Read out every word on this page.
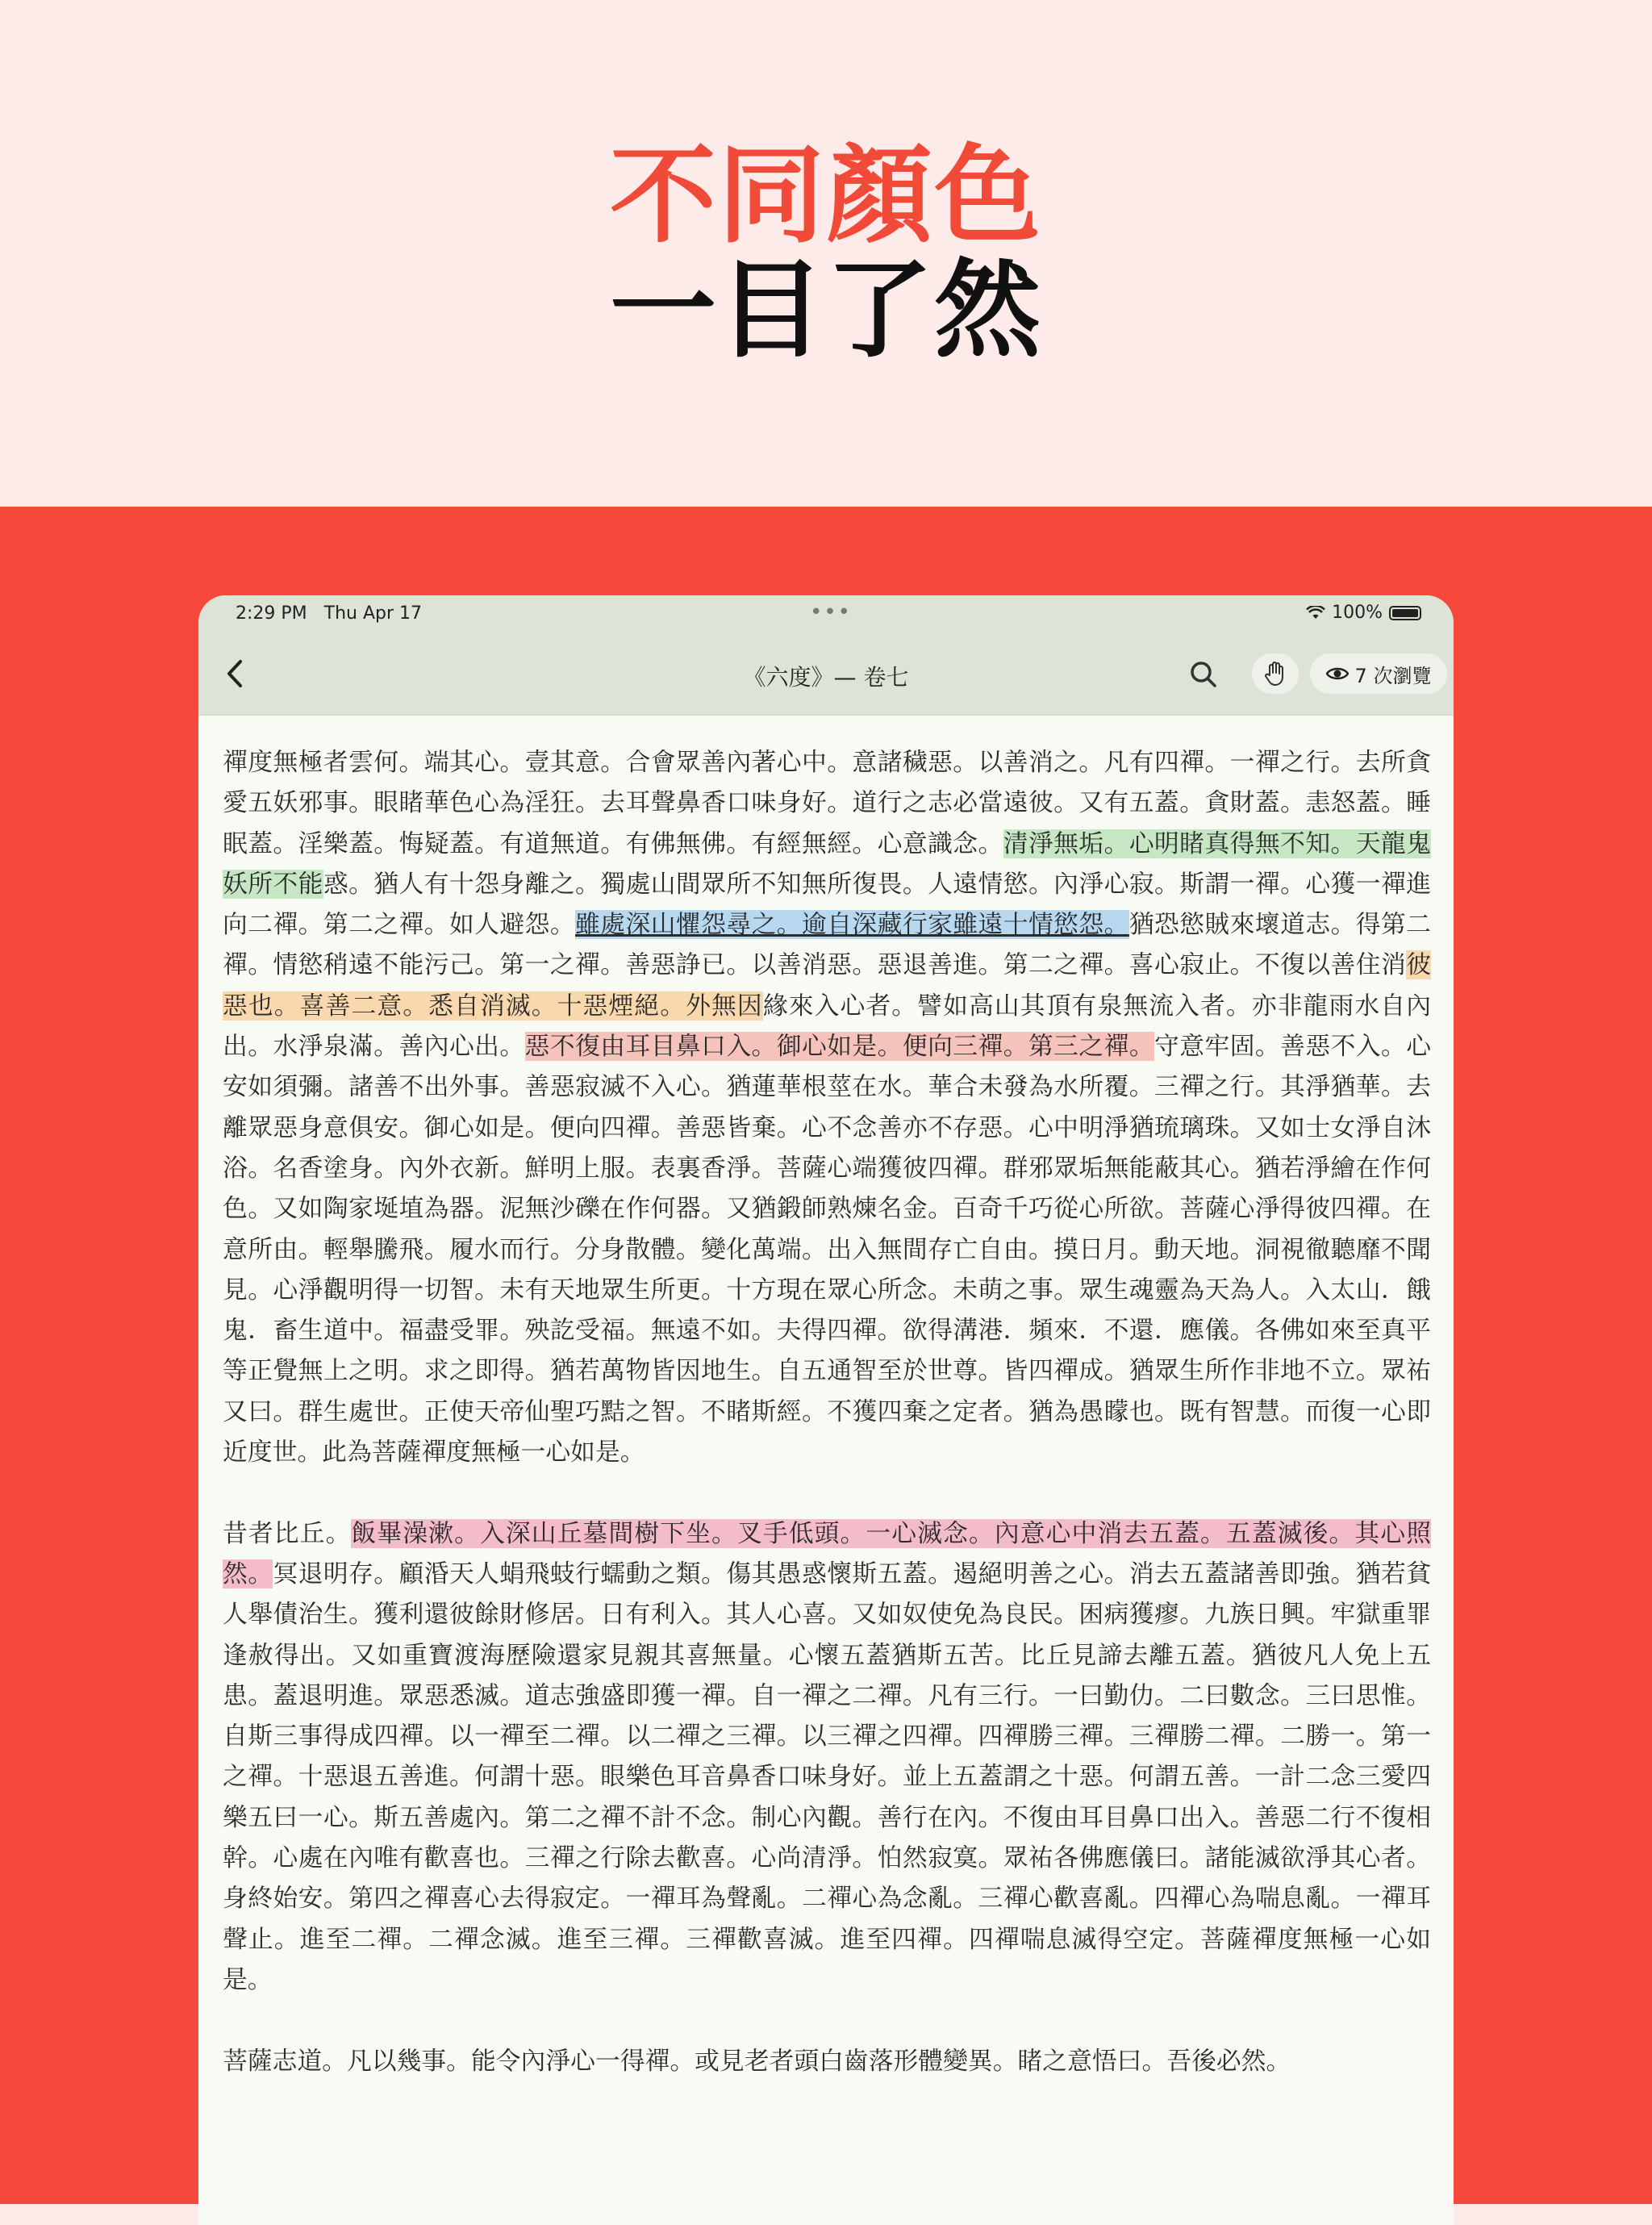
不同顏色
一目了然
2:29 PM Thu Apr 17	•••	100%
《六度》— 卷七	7 次瀏覽

禪度無極者雲何。端其心。壹其意。合會眾善內著心中。意諸穢惡。以善消之。凡有四禪。一禪之行。去所貪愛五妖邪事。眼睹華色心為淫狂。去耳聲鼻香口味身好。道行之志必當遠彼。又有五蓋。貪財蓋。恚怒蓋。睡眠蓋。淫樂蓋。悔疑蓋。有道無道。有佛無佛。有經無經。心意識念。清淨無垢。心明睹真得無不知。天龍鬼妖所不能惑。猶人有十怨身離之。獨處山間眾所不知無所復畏。人遠情慾。內淨心寂。斯謂一禪。心獲一禪進向二禪。第二之禪。如人避怨。雖處深山懼怨尋之。逾自深藏行家雖遠十情慾怨。猶恐慾賊來壞道志。得第二禪。情慾稍遠不能污己。第一之禪。善惡諍已。以善消惡。惡退善進。第二之禪。喜心寂止。不復以善住消彼惡也。喜善二意。悉自消滅。十惡煙絕。外無因緣來入心者。譬如高山其頂有泉無流入者。亦非龍雨水自內出。水淨泉滿。善內心出。惡不復由耳目鼻口入。御心如是。便向三禪。第三之禪。守意牢固。善惡不入。心安如須彌。諸善不出外事。善惡寂滅不入心。猶蓮華根莖在水。華合未發為水所覆。三禪之行。其淨猶華。去離眾惡身意俱安。御心如是。便向四禪。善惡皆棄。心不念善亦不存惡。心中明淨猶琉璃珠。又如士女淨自沐浴。名香塗身。內外衣新。鮮明上服。表裏香淨。菩薩心端獲彼四禪。群邪眾垢無能蔽其心。猶若淨繪在作何色。又如陶家埏埴為器。泥無沙礫在作何器。又猶鍛師熟煉名金。百奇千巧從心所欲。菩薩心淨得彼四禪。在意所由。輕舉騰飛。履水而行。分身散體。變化萬端。出入無間存亡自由。摸日月。動天地。洞視徹聽靡不聞見。心淨觀明得一切智。未有天地眾生所更。十方現在眾心所念。未萌之事。眾生魂靈為天為人。入太山．餓鬼．畜生道中。福盡受罪。殃訖受福。無遠不如。夫得四禪。欲得溝港．頻來．不還．應儀。各佛如來至真平等正覺無上之明。求之即得。猶若萬物皆因地生。自五通智至於世尊。皆四禪成。猶眾生所作非地不立。眾祐又曰。群生處世。正使天帝仙聖巧黠之智。不睹斯經。不獲四棄之定者。猶為愚矇也。既有智慧。而復一心即近度世。此為菩薩禪度無極一心如是。

昔者比丘。飯畢澡漱。入深山丘墓間樹下坐。叉手低頭。一心滅念。內意心中消去五蓋。五蓋滅後。其心照然。冥退明存。顧涽天人蜎飛蚑行蠕動之類。傷其愚惑懷斯五蓋。遏絕明善之心。消去五蓋諸善即強。猶若貧人舉債治生。獲利還彼餘財修居。日有利入。其人心喜。又如奴使免為良民。困病獲瘳。九族日興。牢獄重罪逢赦得出。又如重寶渡海歷險還家見親其喜無量。心懷五蓋猶斯五苦。比丘見諦去離五蓋。猶彼凡人免上五患。蓋退明進。眾惡悉滅。道志強盛即獲一禪。自一禪之二禪。凡有三行。一曰勤仂。二曰數念。三曰思惟。自斯三事得成四禪。以一禪至二禪。以二禪之三禪。以三禪之四禪。四禪勝三禪。三禪勝二禪。二勝一。第一之禪。十惡退五善進。何謂十惡。眼樂色耳音鼻香口味身好。並上五蓋謂之十惡。何謂五善。一計二念三愛四樂五曰一心。斯五善處內。第二之禪不計不念。制心內觀。善行在內。不復由耳目鼻口出入。善惡二行不復相幹。心處在內唯有歡喜也。三禪之行除去歡喜。心尚清淨。怕然寂寞。眾祐各佛應儀曰。諸能滅欲淨其心者。身終始安。第四之禪喜心去得寂定。一禪耳為聲亂。二禪心為念亂。三禪心歡喜亂。四禪心為喘息亂。一禪耳聲止。進至二禪。二禪念滅。進至三禪。三禪歡喜滅。進至四禪。四禪喘息滅得空定。菩薩禪度無極一心如是。

菩薩志道。凡以幾事。能令內淨心一得禪。或見老者頭白齒落形體變異。睹之意悟曰。吾後必然。
